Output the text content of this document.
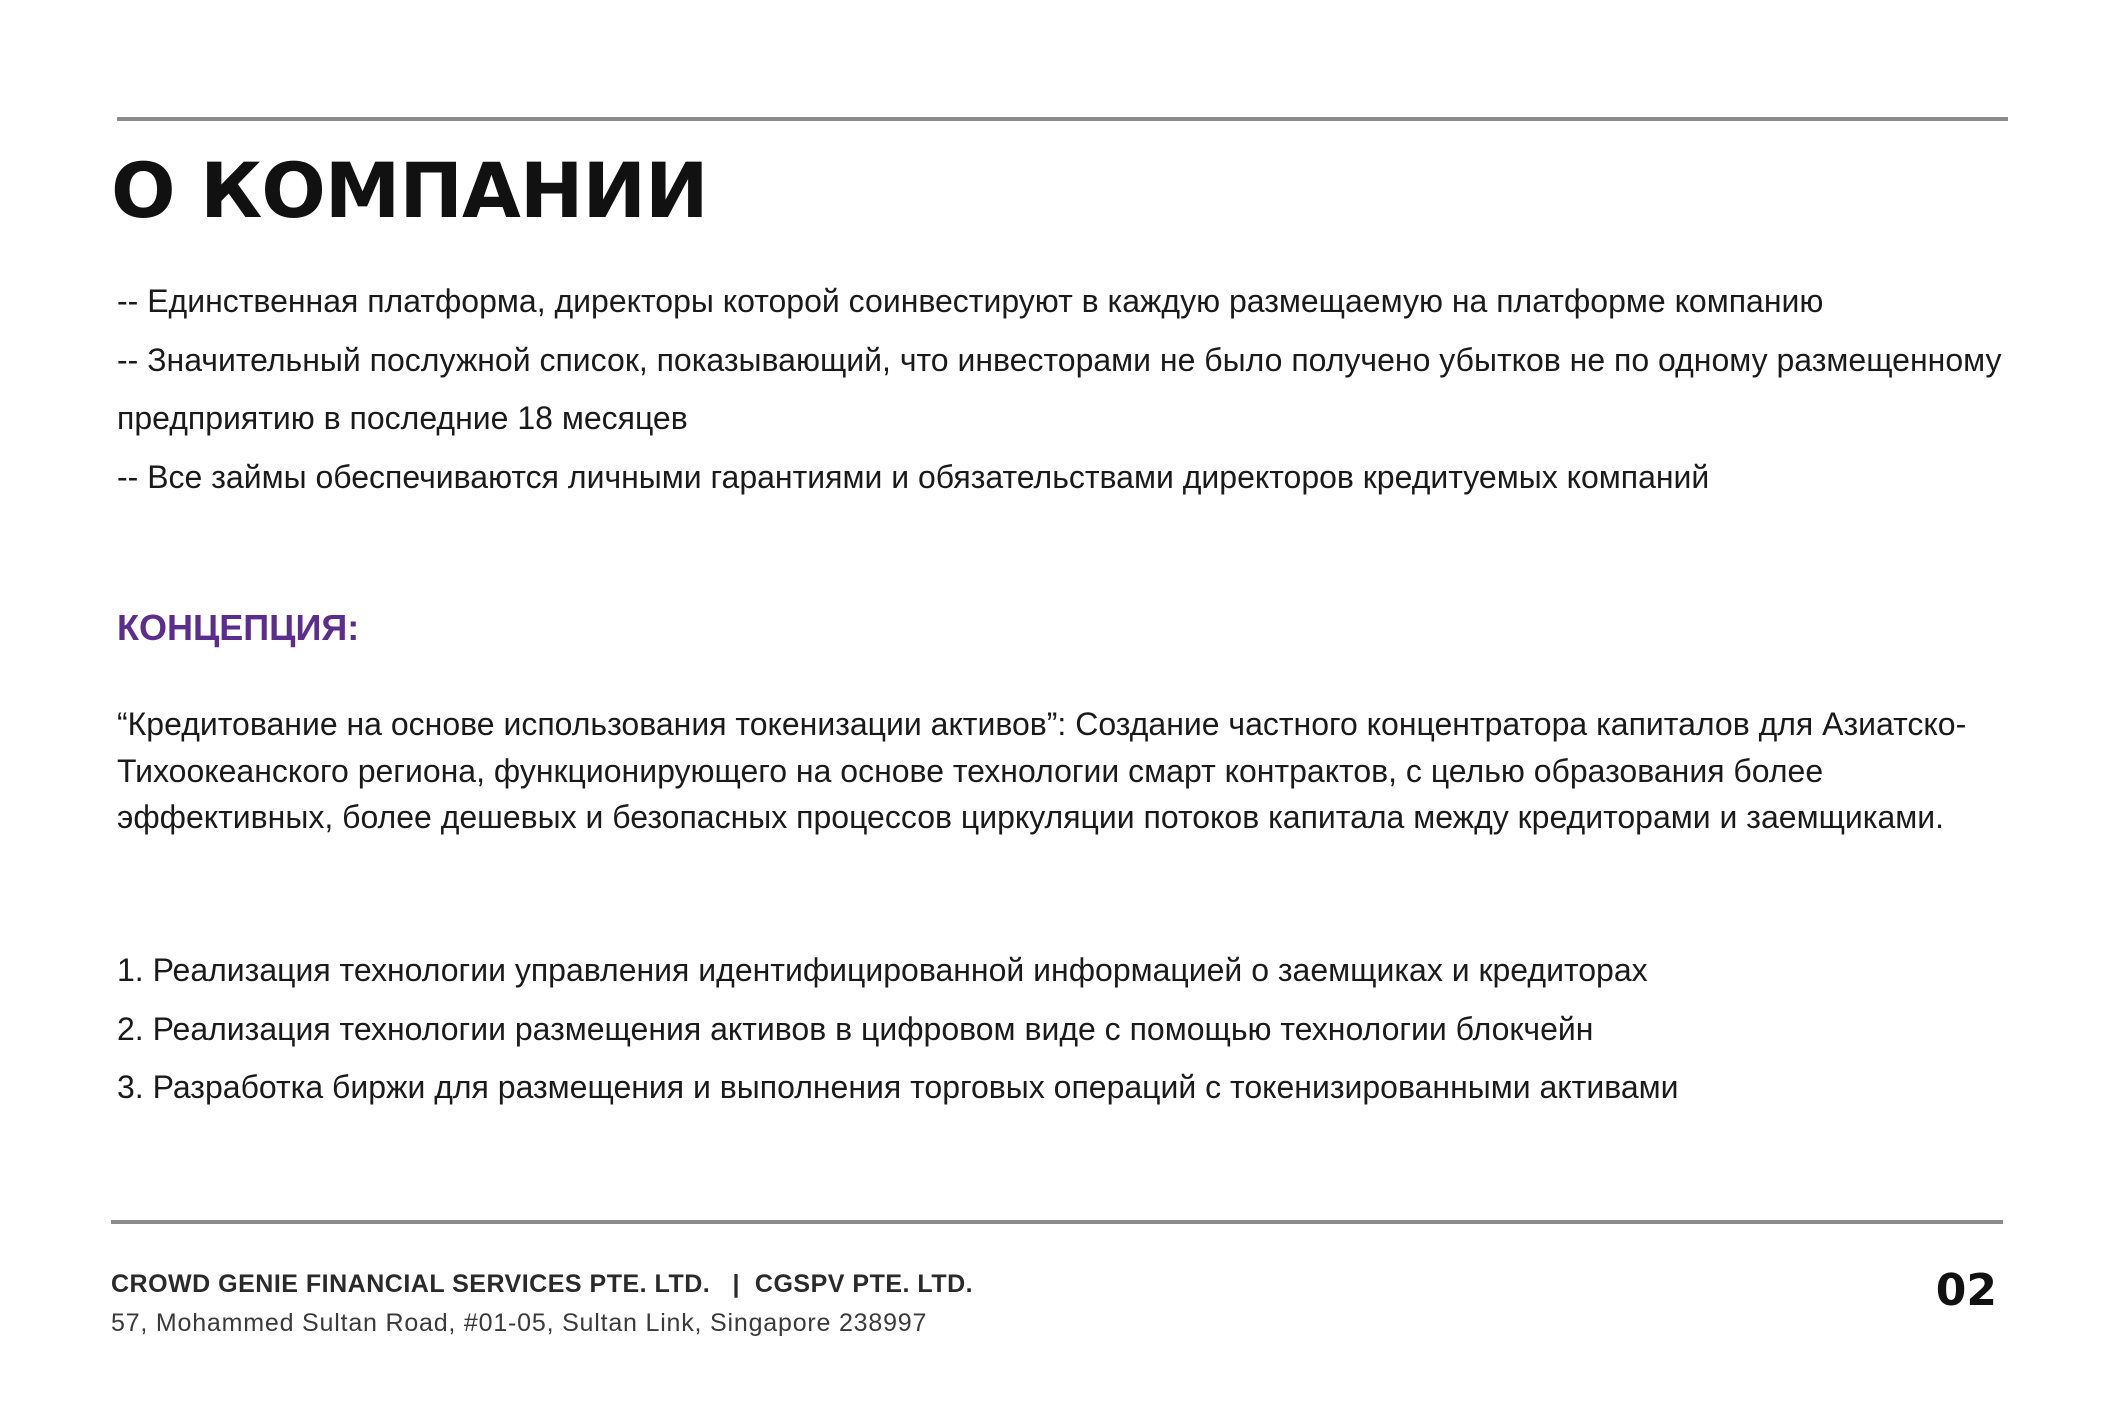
О КОМПАНИИ
-- Единственная платформа, директоры которой соинвестируют в каждую размещаемую на платформе компанию
-- Значительный послужной список, показывающий, что инвесторами не было получено убытков не по одному размещенному предприятию в последние 18 месяцев
-- Все займы обеспечиваются личными гарантиями и обязательствами директоров кредитуемых компаний
КОНЦЕПЦИЯ:

“Кредитование на основе использования токенизации активов”: Создание частного концентратора капиталов для Азиатско-Тихоокеанского региона, функционирующего на основе технологии смарт контрактов, с целью образования более эффективных, более дешевых и безопасных процессов циркуляции потоков капитала между кредиторами и заемщиками.

1. Реализация технологии управления идентифицированной информацией о заемщиках и кредиторах
2. Реализация технологии размещения активов в цифровом виде с помощью технологии блокчейн
3. Разработка биржи для размещения и выполнения торговых операций с токенизированными активами
CROWD GENIE FINANCIAL SERVICES PTE. LTD.   |  CGSPV PTE. LTD.
57, Mohammed Sultan Road, #01-05, Sultan Link, Singapore 238997
02
